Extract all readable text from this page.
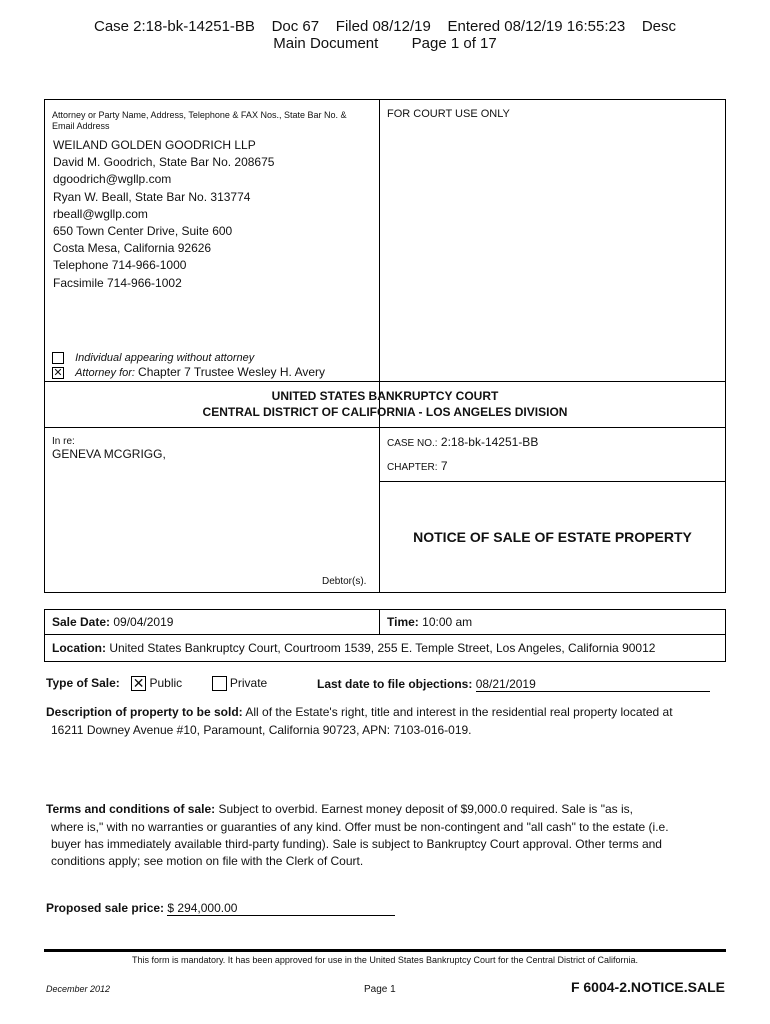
Case 2:18-bk-14251-BB    Doc 67    Filed 08/12/19    Entered 08/12/19 16:55:23    Desc
Main Document        Page 1 of 17
Attorney or Party Name, Address, Telephone & FAX Nos., State Bar No. &
Email Address
WEILAND GOLDEN GOODRICH LLP
David M. Goodrich, State Bar No. 208675
dgoodrich@wgllp.com
Ryan W. Beall, State Bar No. 313774
rbeall@wgllp.com
650 Town Center Drive, Suite 600
Costa Mesa, California 92626
Telephone 714-966-1000
Facsimile 714-966-1002
Individual appearing without attorney
✕ Attorney for: Chapter 7 Trustee Wesley H. Avery
FOR COURT USE ONLY
UNITED STATES BANKRUPTCY COURT
CENTRAL DISTRICT OF CALIFORNIA - LOS ANGELES DIVISION
In re:
GENEVA MCGRIGG,
Debtor(s).
CASE NO.: 2:18-bk-14251-BB
CHAPTER: 7
NOTICE OF SALE OF ESTATE PROPERTY
Sale Date: 09/04/2019	Time: 10:00 am
Location: United States Bankruptcy Court, Courtroom 1539, 255 E. Temple Street, Los Angeles, California 90012
Type of Sale: ✕ Public	Private	Last date to file objections: 08/21/2019
Description of property to be sold: All of the Estate's right, title and interest in the residential real property located at
16211 Downey Avenue #10, Paramount, California 90723, APN: 7103-016-019.
Terms and conditions of sale: Subject to overbid. Earnest money deposit of $9,000.0 required. Sale is "as is,
where is," with no warranties or guaranties of any kind. Offer must be non-contingent and "all cash" to the estate (i.e.
buyer has immediately available third-party funding). Sale is subject to Bankruptcy Court approval. Other terms and
conditions apply; see motion on file with the Clerk of Court.
Proposed sale price: $ 294,000.00
This form is mandatory. It has been approved for use in the United States Bankruptcy Court for the Central District of California.
December 2012	Page 1	F 6004-2.NOTICE.SALE
